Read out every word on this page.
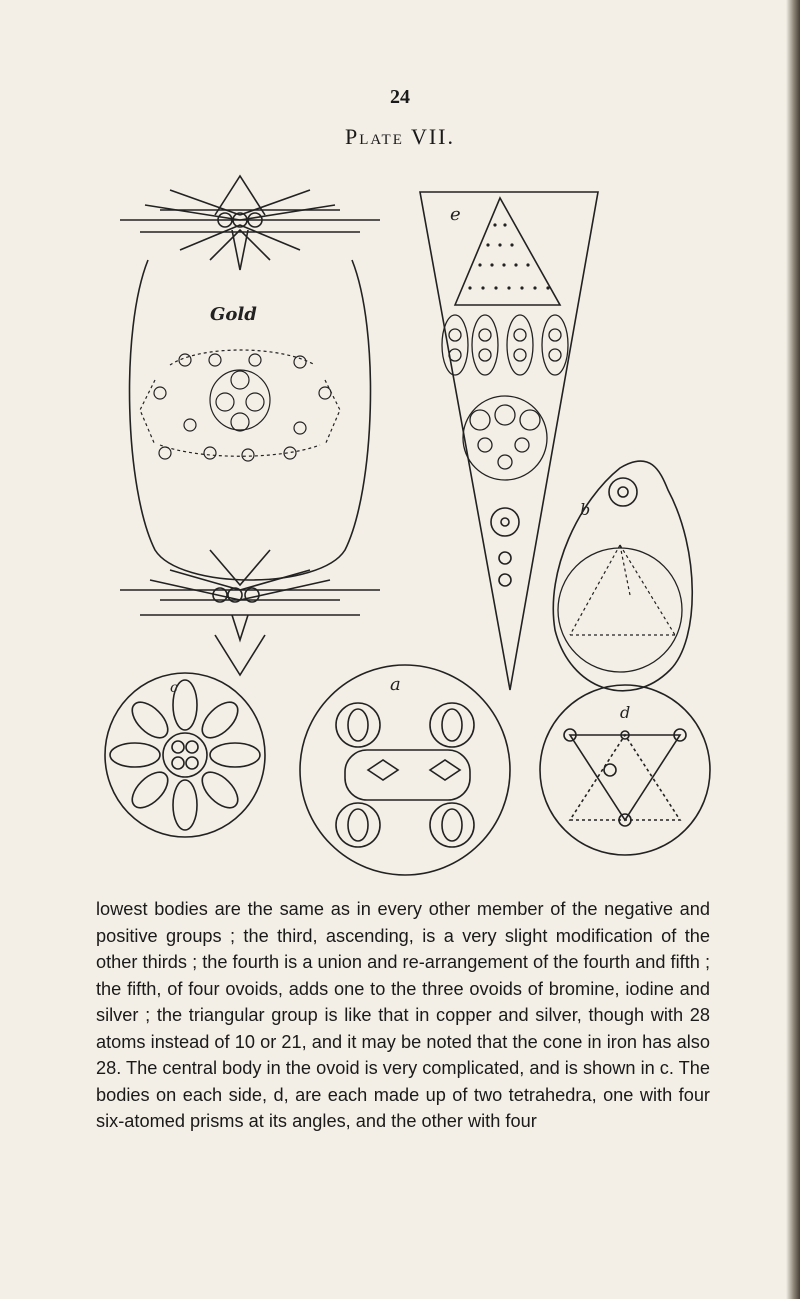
24
Plate VII.
Gold
e
b
c	a
d
lowest bodies are the same as in every other member of the negative and positive groups ; the third, ascending, is a very slight modification of the other thirds ; the fourth is a union and re-arrangement of the fourth and fifth ; the fifth, of four ovoids, adds one to the three ovoids of bromine, iodine and silver ; the triangular group is like that in copper and silver, though with 28 atoms instead of 10 or 21, and it may be noted that the cone in iron has also 28. The central body in the ovoid is very complicated, and is shown in c. The bodies on each side, d, are each made up of two tetrahedra, one with four six-atomed prisms at its angles, and the other with four
